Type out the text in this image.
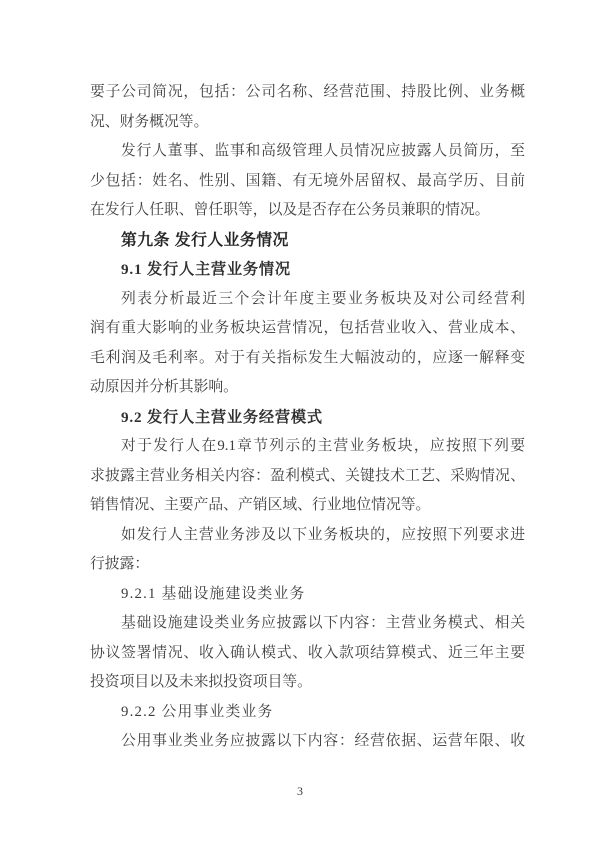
要子公司简况，包括：公司名称、经营范围、持股比例、业务概
况、财务概况等。
发行人董事、监事和高级管理人员情况应披露人员简历，至
少包括：姓名、性别、国籍、有无境外居留权、最高学历、目前
在发行人任职、曾任职等，以及是否存在公务员兼职的情况。
第九条 发行人业务情况
9.1 发行人主营业务情况
列表分析最近三个会计年度主要业务板块及对公司经营利
润有重大影响的业务板块运营情况，包括营业收入、营业成本、
毛利润及毛利率。对于有关指标发生大幅波动的，应逐一解释变
动原因并分析其影响。
9.2 发行人主营业务经营模式
对于发行人在9.1章节列示的主营业务板块，应按照下列要
求披露主营业务相关内容：盈利模式、关键技术工艺、采购情况、
销售情况、主要产品、产销区域、行业地位情况等。
如发行人主营业务涉及以下业务板块的，应按照下列要求进
行披露：
9.2.1 基础设施建设类业务
基础设施建设类业务应披露以下内容：主营业务模式、相关
协议签署情况、收入确认模式、收入款项结算模式、近三年主要
投资项目以及未来拟投资项目等。
9.2.2 公用事业类业务
公用事业类业务应披露以下内容：经营依据、运营年限、收
3
